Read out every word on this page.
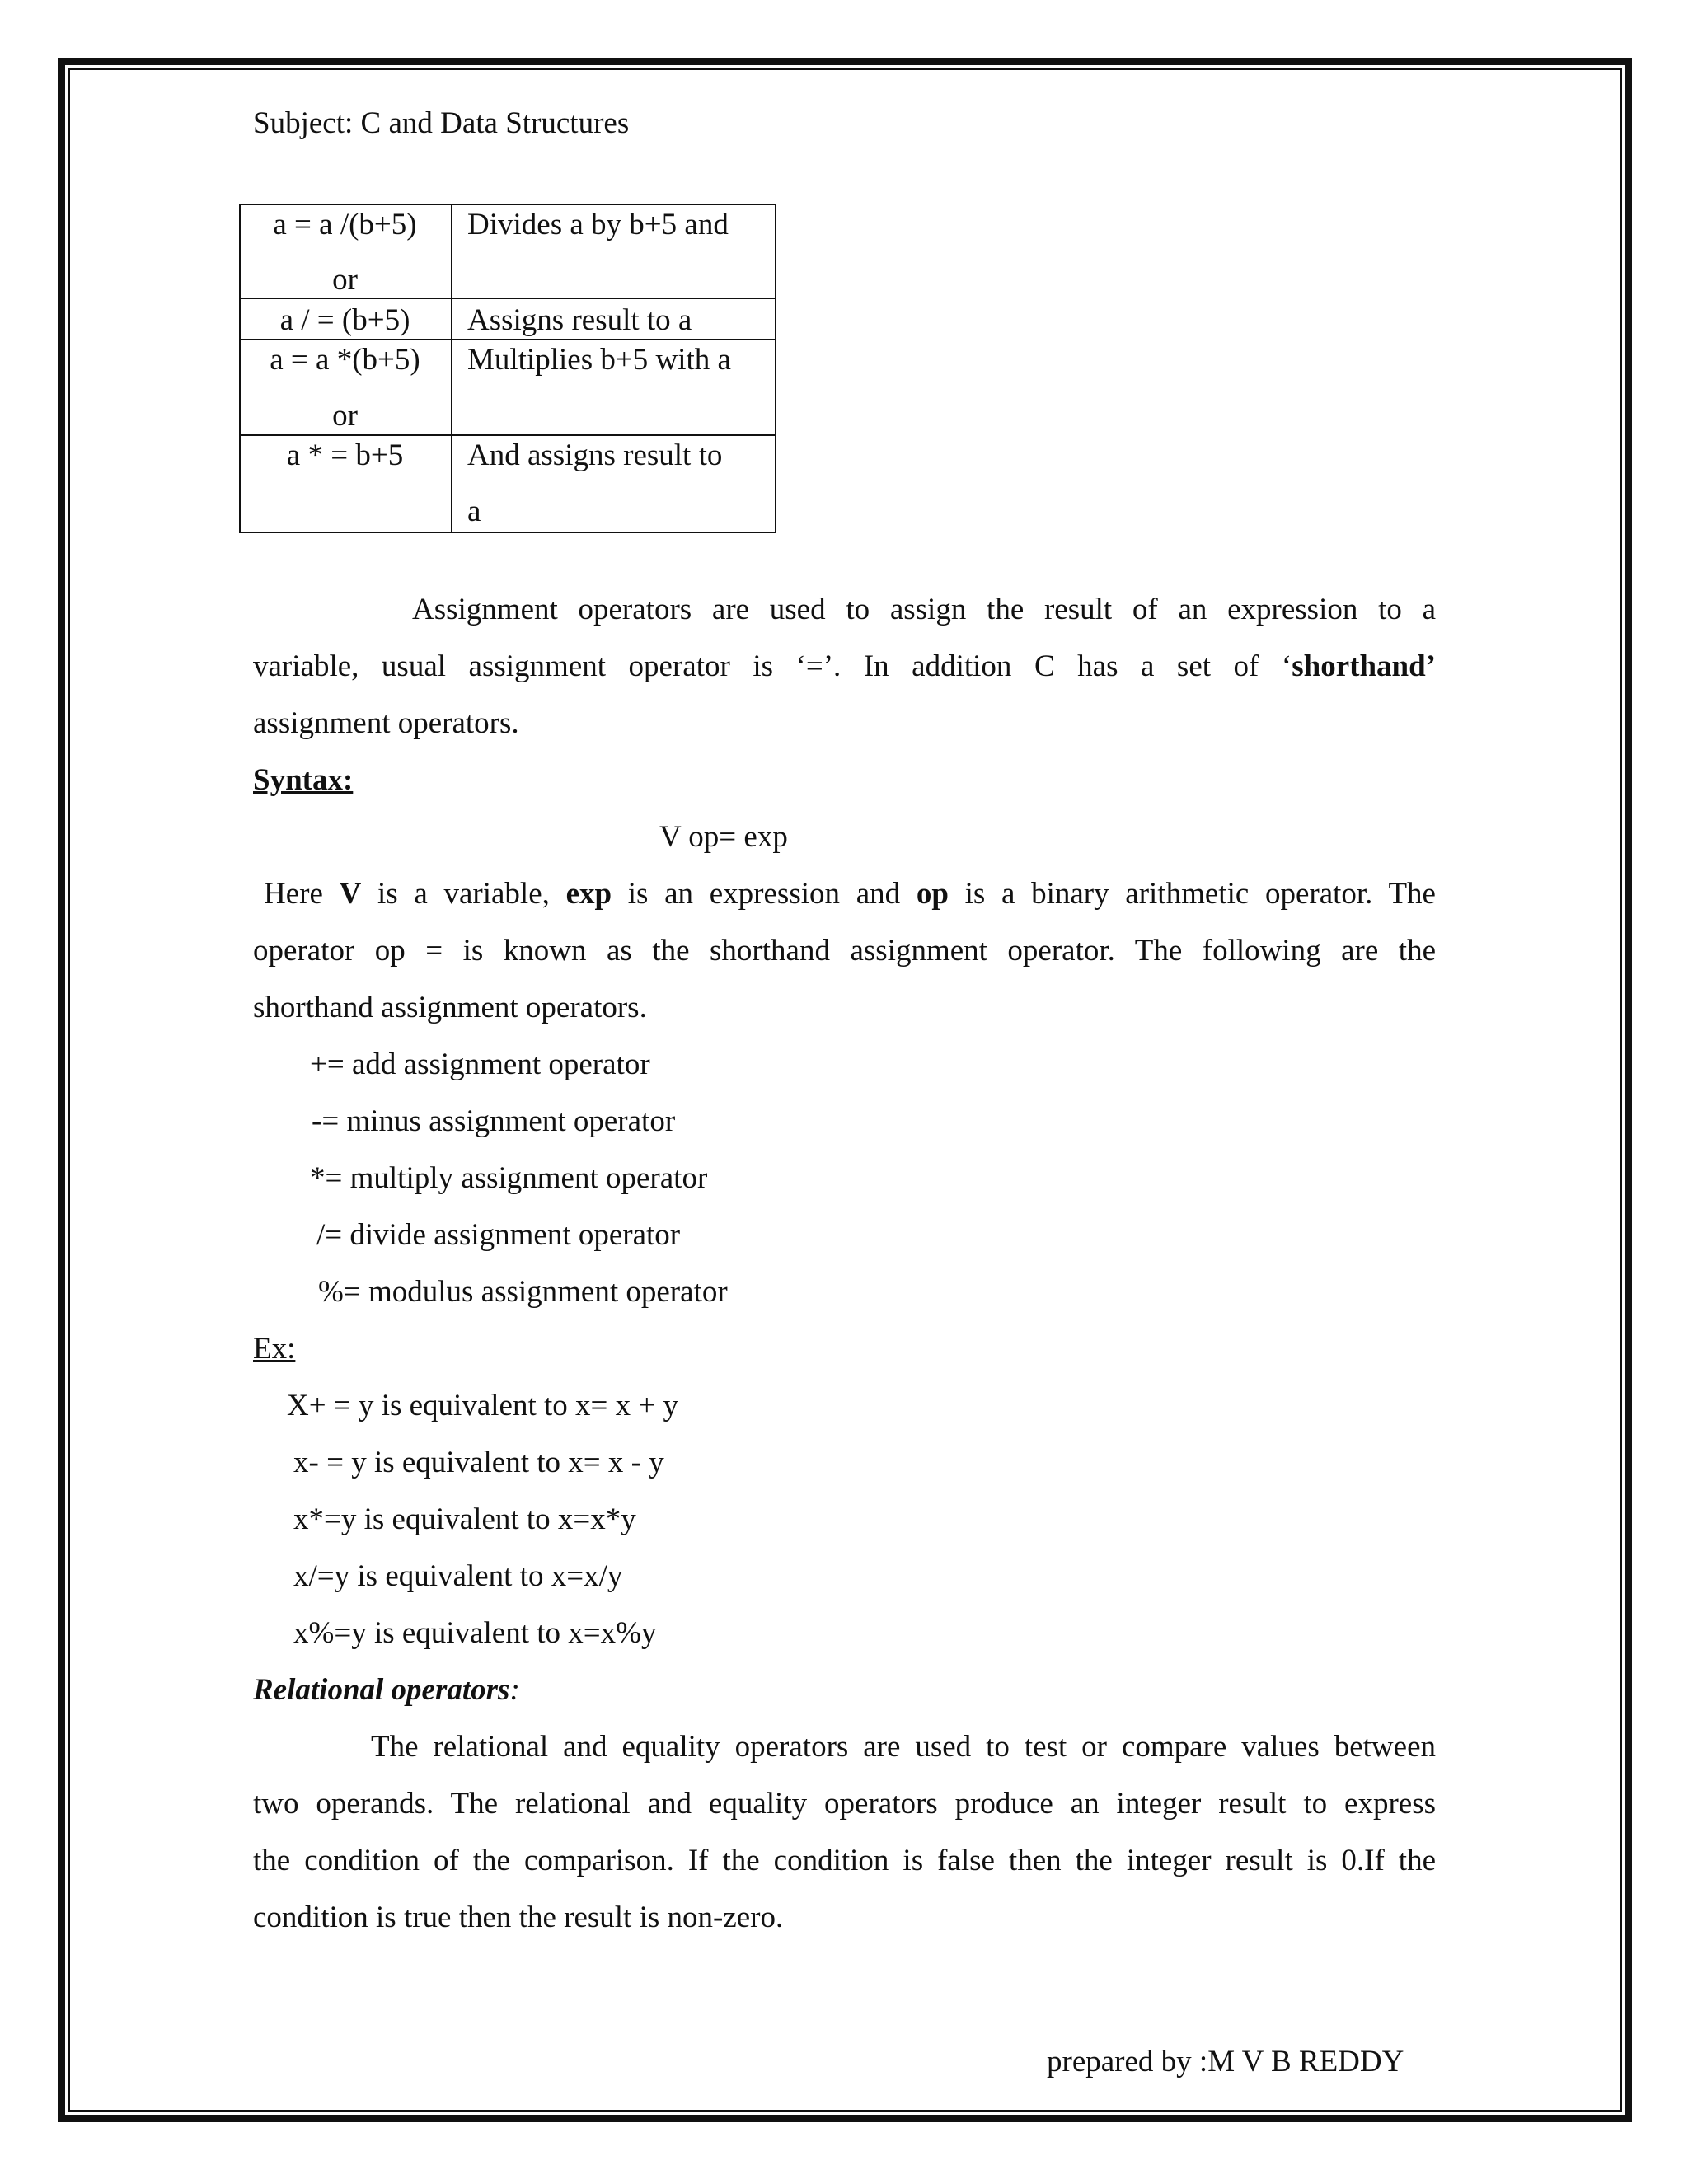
Subject: C and Data Structures
a = a /(b+5)	Divides a by b+5 and
or
a / = (b+5)	Assigns result to a
a = a *(b+5)	Multiplies b+5 with a
or
a * = b+5	And assigns result to
a
Assignment operators are used to assign the result of an expression to a
variable, usual assignment operator is ‘=’. In addition C has a set of ‘shorthand’
assignment operators.
Syntax:
V op= exp
Here V is a variable, exp is an expression and op is a binary arithmetic operator. The
operator op = is known as the shorthand assignment operator. The following are the
shorthand assignment operators.
+= add assignment operator
-= minus assignment operator
*= multiply assignment operator
/= divide assignment operator
%= modulus assignment operator
Ex:
X+ = y is equivalent to x= x + y
x- = y is equivalent to x= x - y
x*=y is equivalent to x=x*y
x/=y is equivalent to x=x/y
x%=y is equivalent to x=x%y
Relational operators:
The relational and equality operators are used to test or compare values between
two operands. The relational and equality operators produce an integer result to express
the condition of the comparison. If the condition is false then the integer result is 0.If the
condition is true then the result is non-zero.
prepared by :M V B REDDY
